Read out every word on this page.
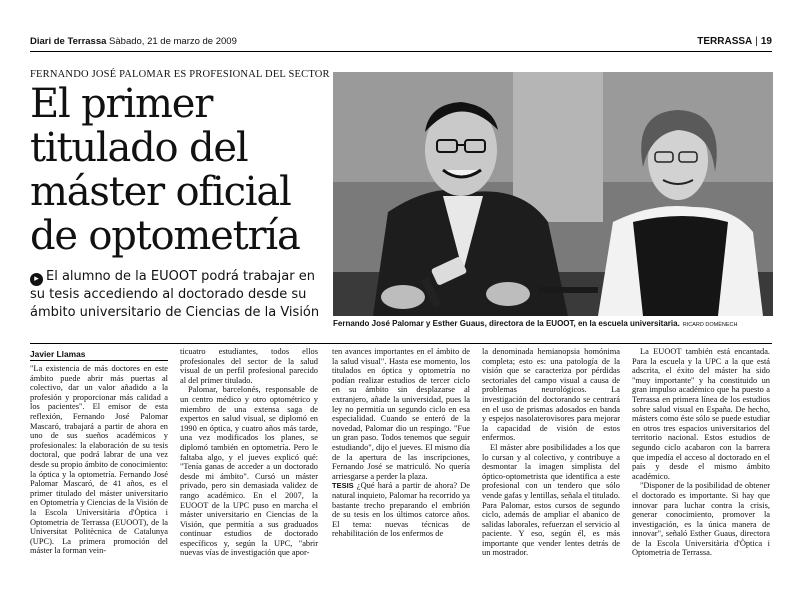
Diari de Terrassa Sàbado, 21 de marzo de 2009	TERRASSA | 19
FERNANDO JOSÉ PALOMAR ES PROFESIONAL DEL SECTOR
El primer
titulado del
máster oficial
de optometría
Fernando José Palomar y Esther Guaus, directora de la EUOOT, en la escuela universitaria. RICARD DOMÈNECH
▸ El alumno de la EUOOT podrá trabajar en su tesis accediendo al doctorado desde su ámbito universitario de Ciencias de la Visión
Javier Llamas

"La existencia de más doctores en este ámbito puede abrir más puertas al colectivo, dar un valor añadido a la profesión y proporcionar más calidad a los pacientes". El emisor de esta reflexión, Fernando José Palomar Mascaró, trabajará a partir de ahora en uno de sus sueños académicos y profesionales: la elaboración de su tesis doctoral, que podrá labrar de una vez desde su propio ámbito de conocimiento: la óptica y la optometría. Fernando José Palomar Mascaró, de 41 años, es el primer titulado del máster universitario en Optometría y Ciencias de la Visión de la Escola Universitària d'Òptica i Optometria de Terrassa (EUOOT), de la Universitat Politècnica de Catalunya (UPC). La primera promoción del máster la forman vein-

ticuatro estudiantes, todos ellos profesionales del sector de la salud visual de un perfil profesional parecido al del primer titulado.

Palomar, barcelonés, responsable de un centro médico y otro optométrico y miembro de una extensa saga de expertos en salud visual, se diplomó en 1990 en óptica, y cuatro años más tarde, una vez modificados los planes, se diplomó también en optometría. Pero le faltaba algo, y el jueves explicó qué: "Tenía ganas de acceder a un doctorado desde mi ámbito". Cursó un máster privado, pero sin demasiada validez de rango académico. En el 2007, la EUOOT de la UPC puso en marcha el máster universitario en Ciencias de la Visión, que permitía a sus graduados continuar estudios de doctorado específicos y, según la UPC, "abrir nuevas vías de investigación que apor-

ten avances importantes en el ámbito de la salud visual". Hasta ese momento, los titulados en óptica y optometría no podían realizar estudios de tercer ciclo en su ámbito sin desplazarse al extranjero, añade la universidad, pues la ley no permitía un segundo ciclo en esa especialidad. Cuando se enteró de la novedad, Palomar dio un respingo. "Fue un gran paso. Todos tenemos que seguir estudiando", dijo el jueves. El mismo día de la apertura de las inscripciones, Fernando José se matriculó. No quería arriesgarse a perder la plaza.

TESIS ¿Qué hará a partir de ahora? De natural inquieto, Palomar ha recorrido ya bastante trecho preparando el embrión de su tesis en los últimos catorce años. El tema: nuevas técnicas de rehabilitación de los enfermos de

la denominada hemianopsia homónima completa; esto es: una patología de la visión que se caracteriza por pérdidas sectoriales del campo visual a causa de problemas neurológicos. La investigación del doctorando se centrará en el uso de prismas adosados en banda y espejos nasolaterovisores para mejorar la capacidad de visión de estos enfermos.

El máster abre posibilidades a los que lo cursan y al colectivo, y contribuye a desmontar la imagen simplista del óptico-optometrista que identifica a este profesional con un tendero que sólo vende gafas y lentillas, señala el titulado. Para Palomar, estos cursos de segundo ciclo, además de ampliar el abanico de salidas laborales, refuerzan el servicio al paciente. Y eso, según él, es más importante que vender lentes detrás de un mostrador.

La EUOOT también está encantada. Para la escuela y la UPC a la que está adscrita, el éxito del máster ha sido "muy importante" y ha constituido un gran impulso académico que ha puesto a Terrassa en primera línea de los estudios sobre salud visual en España. De hecho, másters como éste sólo se puede estudiar en otros tres espacios universitarios del territorio nacional. Estos estudios de segundo ciclo acabaron con la barrera que impedía el acceso al doctorado en el país y desde el mismo ámbito académico.

"Disponer de la posibilidad de obtener el doctorado es importante. Si hay que innovar para luchar contra la crisis, generar conocimiento, promover la investigación, es la única manera de innovar", señaló Esther Guaus, directora de la Escola Universitària d'Òptica i Optometria de Terrassa.
